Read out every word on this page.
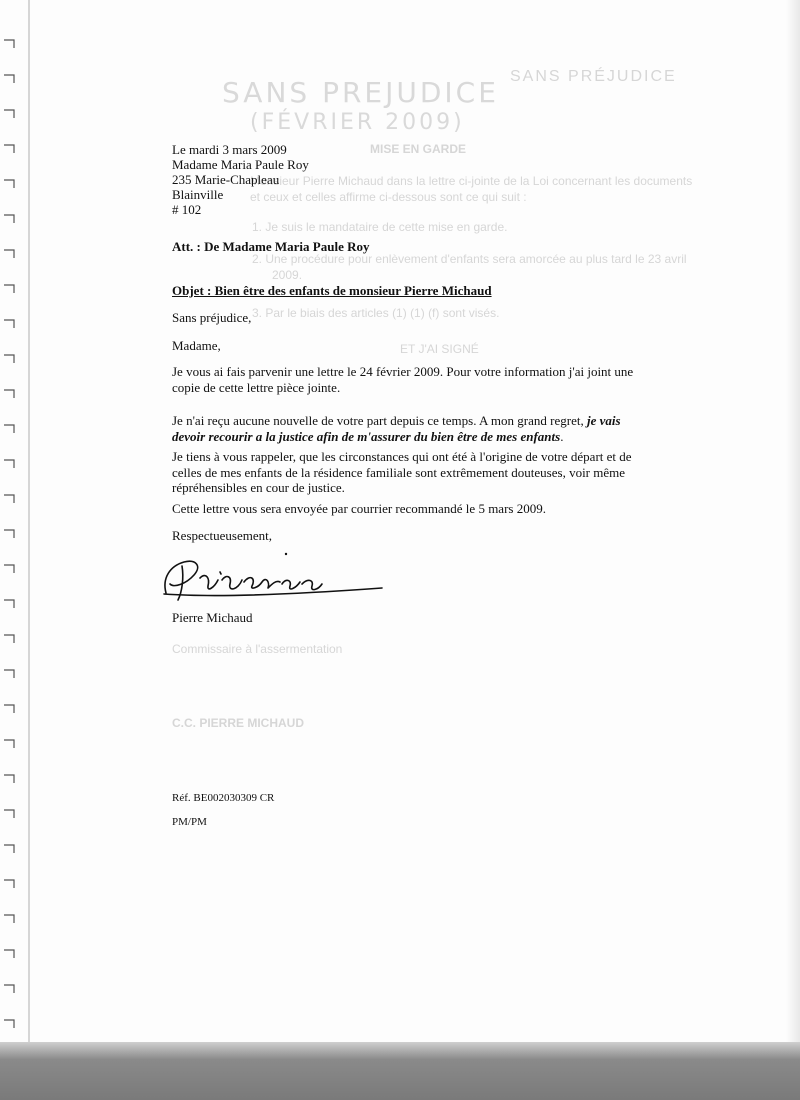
SANS PREJUDICE
(FÉVRIER 2009)
SANS PRÉJUDICE
MISE EN GARDE
Monsieur Pierre Michaud dans la lettre ci-jointe de la Loi concernant les documents
et ceux et celles affirme ci-dessous sont ce qui suit :
1. Je suis le mandataire de cette mise en garde.
2. Une procédure pour enlèvement d'enfants sera amorcée au plus tard le 23 avril
2009.
3. Par le biais des articles (1) (1) (f) sont visés.
ET J'AI SIGNÉ
Commissaire à l'assermentation
C.C. PIERRE MICHAUD
Le mardi 3 mars 2009
Madame Maria Paule Roy
235 Marie-Chapleau
Blainville
# 102
Att. : De Madame Maria Paule Roy
Objet : Bien être des enfants de monsieur Pierre Michaud
Sans préjudice,
Madame,
Je vous ai fais parvenir une lettre le 24 février 2009. Pour votre information j'ai joint une copie de cette lettre pièce jointe.
Je n'ai reçu aucune nouvelle de votre part depuis ce temps. A mon grand regret, je vais devoir recourir a la justice afin de m'assurer du bien être de mes enfants.
Je tiens à vous rappeler, que les circonstances qui ont été à l'origine de votre départ et de celles de mes enfants de la résidence familiale sont extrêmement douteuses, voir même répréhensibles en cour de justice.
Cette lettre vous sera envoyée par courrier recommandé le 5 mars 2009.
Respectueusement,
Pierre Michaud
Réf. BE002030309 CR
PM/PM
